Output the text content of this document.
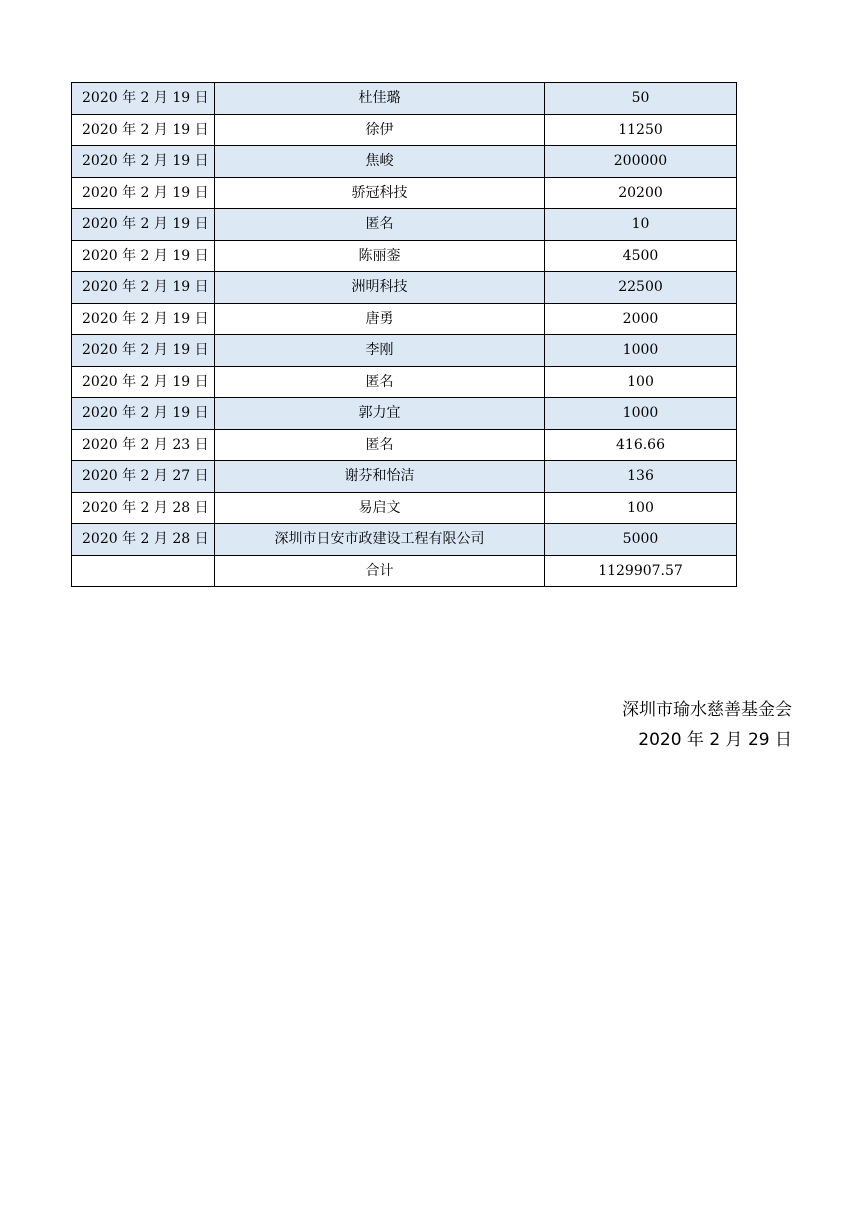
2020 年 2 月 19 日	杜佳璐	50
2020 年 2 月 19 日	徐伊	11250
2020 年 2 月 19 日	焦峻	200000
2020 年 2 月 19 日	骄冠科技	20200
2020 年 2 月 19 日	匿名	10
2020 年 2 月 19 日	陈丽銮	4500
2020 年 2 月 19 日	洲明科技	22500
2020 年 2 月 19 日	唐勇	2000
2020 年 2 月 19 日	李刚	1000
2020 年 2 月 19 日	匿名	100
2020 年 2 月 19 日	郭力宜	1000
2020 年 2 月 23 日	匿名	416.66
2020 年 2 月 27 日	谢芬和怡洁	136
2020 年 2 月 28 日	易启文	100
2020 年 2 月 28 日	深圳市日安市政建设工程有限公司	5000
	合计	1129907.57
深圳市瑜水慈善基金会
2020 年 2 月 29 日
